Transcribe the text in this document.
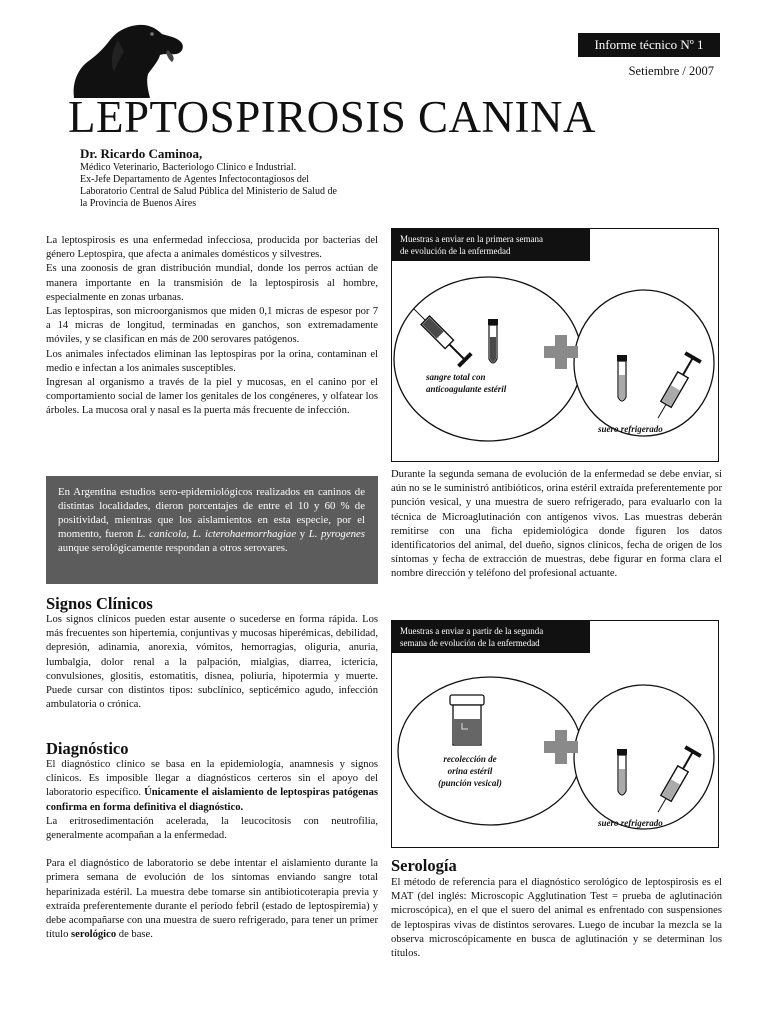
Informe técnico Nº 1
Setiembre / 2007
LEPTOSPIROSIS CANINA
Dr. Ricardo Caminoa,
Médico Veterinario, Bacteriologo Clínico e Industrial.
Ex-Jefe Departamento de Agentes Infectocontagiosos del
Laboratorio Central de Salud Pública del Ministerio de Salud de
la Provincia de Buenos Aires

La leptospirosis es una enfermedad infecciosa, producida por bacterias del género Leptospira, que afecta a animales domésticos y silvestres.

Es una zoonosis de gran distribución mundial, donde los perros actúan de manera importante en la transmisión de la leptospirosis al hombre, especialmente en zonas urbanas.

Las leptospiras, son microorganismos que miden 0,1 micras de espesor por 7 a 14 micras de longitud, terminadas en ganchos, son extremadamente móviles, y se clasifican en más de 200 serovares patógenos.

Los animales infectados eliminan las leptospiras por la orina, contaminan el medio e infectan a los animales susceptibles.

Ingresan al organismo a través de la piel y mucosas, en el canino por el comportamiento social de lamer los genitales de los congéneres, y olfatear los árboles. La mucosa oral y nasal es la puerta más frecuente de infección.

En Argentina estudios sero-epidemiológicos realizados en caninos de distintas localidades, dieron porcentajes de entre el 10 y 60 % de positividad, mientras que los aislamientos en esta especie, por el momento, fueron L. canicola, L. icterohaemorrhagiae y L. pyrogenes aunque serológicamente respondan a otros serovares.
Signos Clínicos
Los signos clínicos pueden estar ausente o sucederse en forma rápida. Los más frecuentes son hipertemia, conjuntivas y mucosas hiperémicas, debilidad, depresión, adinamia, anorexia, vómitos, hemorragias, oliguria, anuria, lumbalgia, dolor renal a la palpación, mialgias, diarrea, ictericia, convulsiones, glositis, estomatitis, disnea, poliuria, hipotermia y muerte. Puede cursar con distintos tipos: subclínico, septicémico agudo, infección ambulatoria o crónica.
Diagnóstico

El diagnóstico clínico se basa en la epidemiología, anamnesis y signos clínicos. Es imposible llegar a diagnósticos certeros sin el apoyo del laboratorio específico. Únicamente el aislamiento de leptospiras patógenas confirma en forma definitiva el diagnóstico.

La eritrosedimentación acelerada, la leucocitosis con neutrofilia, generalmente acompañan a la enfermedad.

Para el diagnóstico de laboratorio se debe intentar el aislamiento durante la primera semana de evolución de los síntomas enviando sangre total heparinizada estéril. La muestra debe tomarse sin antibioticoterapia previa y extraída preferentemente durante el período febril (estado de leptospiremia) y debe acompañarse con una muestra de suero refrigerado, para tener un primer título serológico de base.

Muestras a enviar en la primera semana
de evolución de la enfermedad
sangre total con
anticoagulante estéril
suero refrigerado
Durante la segunda semana de evolución de la enfermedad se debe enviar, si aún no se le suministró antibióticos, orina estéril extraída preferentemente por punción vesical, y una muestra de suero refrigerado, para evaluarlo con la técnica de Microaglutinación con antígenos vivos. Las muestras deberán remitirse con una ficha epidemiológica donde figuren los datos identificatorios del animal, del dueño, signos clínicos, fecha de origen de los síntomas y fecha de extracción de muestras, debe figurar en forma clara el nombre dirección y teléfono del profesional actuante.
Muestras a enviar a partir de la segunda
semana de evolución de la enfermedad
recolección de
orina estéril
(punción vesical)
suero refrigerado
Serología
El método de referencia para el diagnóstico serológico de leptospirosis es el MAT (del inglés: Microscopic Agglutination Test = prueba de aglutinación microscópica), en el que el suero del animal es enfrentado con suspensiones de leptospiras vivas de distintos serovares. Luego de incubar la mezcla se la observa microscópicamente en busca de aglutinación y se determinan los títulos.
